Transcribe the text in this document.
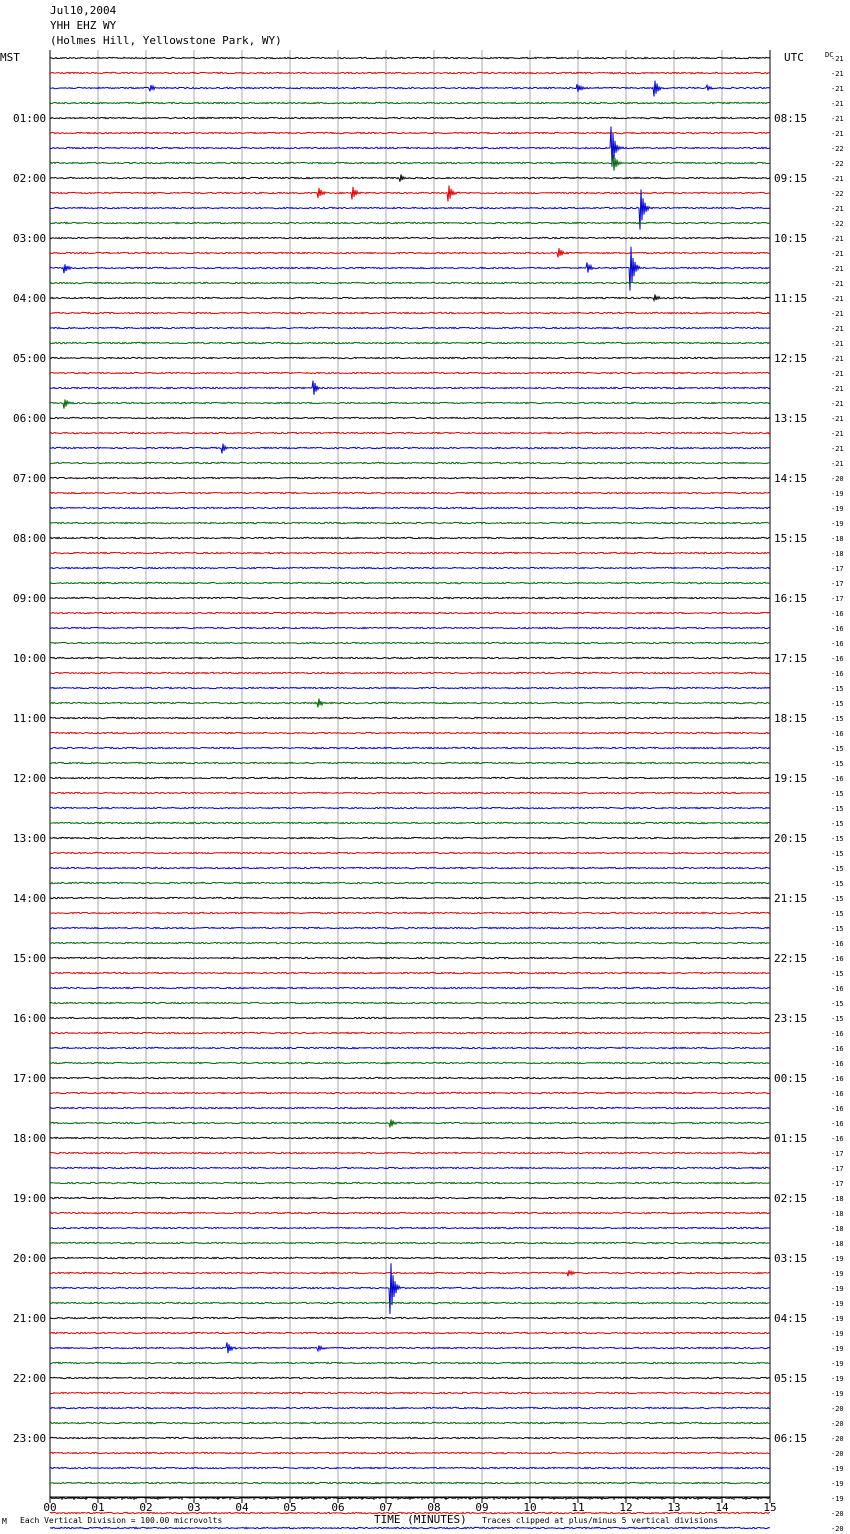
Jul10,2004
YHH EHZ WY
(Holmes Hill, Yellowstone Park, WY)
01:00
02:00
03:00
04:00
05:00
06:00
07:00
08:00
09:00
10:00
11:00
12:00
13:00
14:00
15:00
16:00
17:00
18:00
19:00
20:00
21:00
22:00
23:00
08:15
09:15
10:15
11:15
12:15
13:15
14:15
15:15
16:15
17:15
18:15
19:15
20:15
21:15
22:15
23:15
00:15
01:15
02:15
03:15
04:15
05:15
06:15
-21
-21
-21
-21
-21
-21
-22
-22
-21
-22
-21
-22
-21
-21
-21
-21
-21
-21
-21
-21
-21
-21
-21
-21
-21
-21
-21
-21
-20
-19
-19
-19
-18
-18
-17
-17
-17
-16
-16
-16
-16
-16
-15
-15
-15
-16
-15
-15
-16
-15
-15
-15
-15
-15
-15
-15
-15
-15
-15
-16
-16
-15
-16
-15
-15
-16
-16
-16
-16
-16
-16
-16
-16
-17
-17
-17
-18
-18
-18
-18
-19
-19
-19
-19
-19
-19
-19
-19
-19
-19
-20
-20
-20
-20
-19
-19
-19
-20
-20
00	01	02	03	04	05	06	07	08	09	10	11	12	13	14	15
MST	UTC	DC
M Each Vertical Division = 100.00 microvolts	TIME (MINUTES) Traces clipped at plus/minus 5 vertical divisions
